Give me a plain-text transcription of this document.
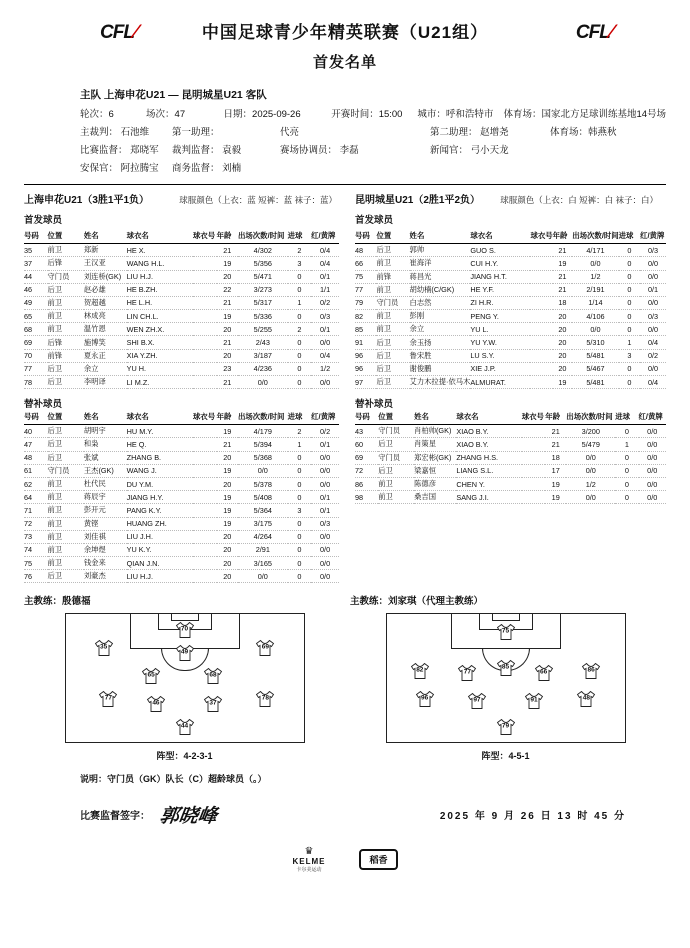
CFL⁄	CFL⁄
中国足球青少年精英联赛（U21组）
首发名单
主队 上海申花U21 — 昆明城星U21 客队
轮次：6	场次：47	日期：2025-09-26	开赛时间：15:00	城市：呼和浩特市	体育场：国家北方足球训练基地14号场
主裁判： 石池维	第一助理：	代亮	第二助理： 赵增尧	体育场：韩燕秋
比赛监督： 郑晓军	裁判监督： 袁毅	赛场协调员： 李磊	新闻官： 弓小天龙
安保官： 阿拉腾宝	商务监督： 刘楠
上海申花U21（3胜1平1负）	球服颜色（上衣：蓝 短裤：蓝 袜子：蓝）
首发球员
昆明城星U21（2胜1平2负） 球服颜色（上衣：白 短裤：白 袜子：白）
首发球员
号码	位置	姓名	球衣名	球衣号	年龄	出场次数/时间	进球	红/黄牌
35	前卫	郑新	HE X.		21	4/302	2	0/4
37	后锋	王汉亚	WANG H.L.		19	5/356	3	0/4
44	守门员	刘连桥(GK)	LIU H.J.		20	5/471	0	0/1
46	后卫	赵必雄	HE B.ZH.		22	3/273	0	1/1
49	前卫	贺超越	HE L.H.		21	5/317	1	0/2
65	前卫	林成亮	LIN CH.L.		19	5/336	0	0/3
68	前卫	温竹恩	WEN ZH.X.		20	5/255	2	0/1
69	后锋	施博笑	SHI B.X.		21	2/43	0	0/0
70	前锋	夏永正	XIA Y.ZH.		20	3/187	0	0/4
77	后卫	余立	YU H.		23	4/236	0	1/2
78	后卫	李明译	LI M.Z.		21	0/0	0	0/0
替补球员
号码	位置	姓名	球衣名	球衣号	年龄	出场次数/时间	进球	红/黄牌
40	后卫	胡明宇	HU M.Y.		19	4/179	2	0/2
47	后卫	和枭	HE Q.		21	5/394	1	0/1
48	后卫	张斌	ZHANG B.		20	5/368	0	0/0
61	守门员	王杰(GK)	WANG J.		19	0/0	0	0/0
62	前卫	杜代民	DU Y.M.		20	5/378	0	0/0
64	前卫	蒋辰宇	JIANG H.Y.		19	5/408	0	0/1
71	前卫	彭开元	PANG K.Y.		19	5/364	3	0/1
72	前卫	黄铿	HUANG ZH.		19	3/175	0	0/3
73	前卫	刘佳祺	LIU J.H.		20	4/264	0	0/0
74	前卫	余坤煜	YU K.Y.		20	2/91	0	0/0
75	前卫	钱金来	QIAN J.N.		20	3/165	0	0/0
76	后卫	刘豪杰	LIU H.J.		20	0/0	0	0/0
号码	位置	姓名	球衣名	球衣号	年龄	出场次数/时间	进球	红/黄牌
48	后卫	郭帅	GUO S.		21	4/171	0	0/3
66	前卫	崔海洋	CUI H.Y.		19	0/0	0	0/0
75	前锋	蒋昌光	JIANG H.T.		21	1/2	0	0/0
77	前卫	胡幼楠(C/GK)	HE Y.F.		21	2/191	0	0/1
79	守门员	白志然	ZI H.R.		18	1/14	0	0/0
82	前卫	彭刚	PENG Y.		20	4/106	0	0/3
85	前卫	余立	YU L.		20	0/0	0	0/0
91	后卫	余玉扬	YU Y.W.		20	5/310	1	0/4
96	后卫	鲁宋胜	LU S.Y.		20	5/481	3	0/2
96	后卫	谢俊鹏	XIE J.P.		20	5/467	0	0/0
97	后卫	艾力木拉提·依马木	ALMURAT.		19	5/481	0	0/4
替补球员
号码	位置	姓名	球衣名	球衣号	年龄	出场次数/时间	进球	红/黄牌
43	守门员	肖柏帅(GK)	XIAO B.Y.		21	3/200	0	0/0
60	后卫	肖策星	XIAO B.Y.		21	5/479	1	0/0
69	守门员	郑宏彬(GK)	ZHANG H.S.		18	0/0	0	0/0
72	后卫	梁嘉恒	LIANG S.L.		17	0/0	0	0/0
86	前卫	陈德彦	CHEN Y.		19	1/2	0	0/0
98	前卫	桑吉国	SANG J.I.		19	0/0	0	0/0
主教练：殷德福	主教练：刘家琪（代理主教练）
44
77
46	37
78
65	68
35
49
69
70
阵型：4-2-3-1
79
96	97	91	48
82	77
85
66	86
75
阵型：4-5-1
说明：守门员（GK）队长（C）超龄球员（。）
比赛监督签字： 郭晓峰	2025 年 9 月 26 日 13 时 45 分
♛
KELME
卡尔美运动
稻香
